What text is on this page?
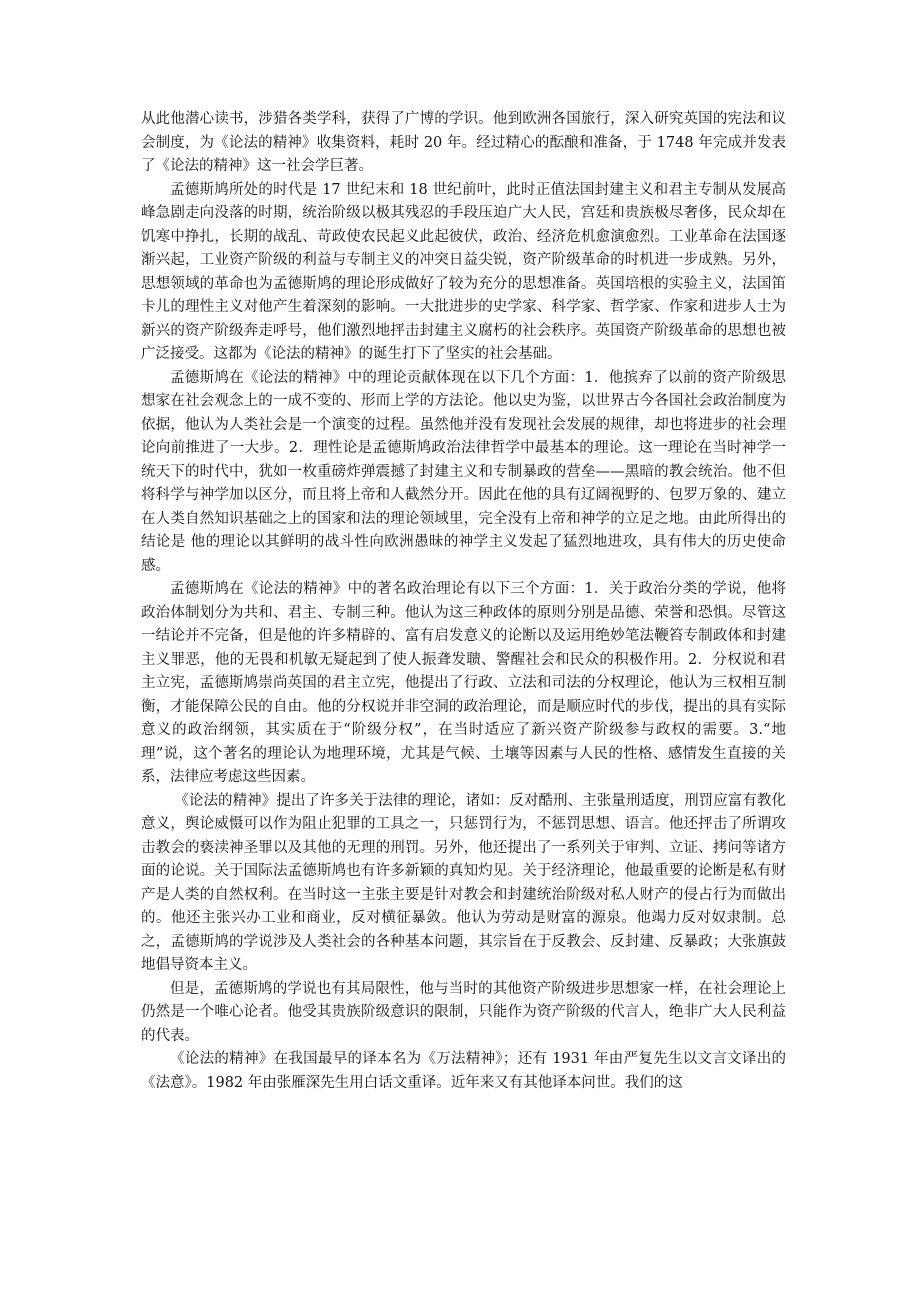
从此他潜心读书，涉猎各类学科，获得了广博的学识。他到欧洲各国旅行，深入研究英国的宪法和议会制度，为《论法的精神》收集资料，耗时 20 年。经过精心的酝酿和准备，于 1748 年完成并发表了《论法的精神》这一社会学巨著。

孟德斯鸠所处的时代是 17 世纪末和 18 世纪前叶，此时正值法国封建主义和君主专制从发展高峰急剧走向没落的时期，统治阶级以极其残忍的手段压迫广大人民，宫廷和贵族极尽奢侈，民众却在饥寒中挣扎，长期的战乱、苛政使农民起义此起彼伏，政治、经济危机愈演愈烈。工业革命在法国逐渐兴起，工业资产阶级的利益与专制主义的冲突日益尖锐，资产阶级革命的时机进一步成熟。另外，思想领域的革命也为孟德斯鸠的理论形成做好了较为充分的思想准备。英国培根的实验主义，法国笛卡儿的理性主义对他产生着深刻的影响。一大批进步的史学家、科学家、哲学家、作家和进步人士为新兴的资产阶级奔走呼号，他们激烈地抨击封建主义腐朽的社会秩序。英国资产阶级革命的思想也被广泛接受。这都为《论法的精神》的诞生打下了坚实的社会基础。

孟德斯鸠在《论法的精神》中的理论贡献体现在以下几个方面：1．他摈弃了以前的资产阶级思想家在社会观念上的一成不变的、形而上学的方法论。他以史为鉴，以世界古今各国社会政治制度为依据，他认为人类社会是一个演变的过程。虽然他并没有发现社会发展的规律，却也将进步的社会理论向前推进了一大步。2．理性论是孟德斯鸠政治法律哲学中最基本的理论。这一理论在当时神学一统天下的时代中，犹如一枚重磅炸弹震撼了封建主义和专制暴政的营垒——黑暗的教会统治。他不但将科学与神学加以区分，而且将上帝和人截然分开。因此在他的具有辽阔视野的、包罗万象的、建立在人类自然知识基础之上的国家和法的理论领域里，完全没有上帝和神学的立足之地。由此所得出的结论是 他的理论以其鲜明的战斗性向欧洲愚昧的神学主义发起了猛烈地进攻，具有伟大的历史使命感。

孟德斯鸠在《论法的精神》中的著名政治理论有以下三个方面：1．关于政治分类的学说，他将政治体制划分为共和、君主、专制三种。他认为这三种政体的原则分别是品德、荣誉和恐惧。尽管这一结论并不完备，但是他的许多精辟的、富有启发意义的论断以及运用绝妙笔法鞭笞专制政体和封建主义罪恶，他的无畏和机敏无疑起到了使人振聋发聩、警醒社会和民众的积极作用。2．分权说和君主立宪，孟德斯鸠崇尚英国的君主立宪，他提出了行政、立法和司法的分权理论，他认为三权相互制衡，才能保障公民的自由。他的分权说并非空洞的政治理论，而是顺应时代的步伐，提出的具有实际意义的政治纲领，其实质在于“阶级分权”，在当时适应了新兴资产阶级参与政权的需要。3.“地理”说，这个著名的理论认为地理环境，尤其是气候、土壤等因素与人民的性格、感情发生直接的关系，法律应考虑这些因素。

《论法的精神》提出了许多关于法律的理论，诸如：反对酷刑、主张量刑适度，刑罚应富有教化意义，舆论威慑可以作为阻止犯罪的工具之一，只惩罚行为，不惩罚思想、语言。他还抨击了所谓攻击教会的亵渎神圣罪以及其他的无理的刑罚。另外，他还提出了一系列关于审判、立证、拷问等诸方面的论说。关于国际法孟德斯鸠也有许多新颖的真知灼见。关于经济理论，他最重要的论断是私有财产是人类的自然权利。在当时这一主张主要是针对教会和封建统治阶级对私人财产的侵占行为而做出的。他还主张兴办工业和商业，反对横征暴敛。他认为劳动是财富的源泉。他竭力反对奴隶制。总之，孟德斯鸠的学说涉及人类社会的各种基本问题，其宗旨在于反教会、反封建、反暴政；大张旗鼓地倡导资本主义。

但是，孟德斯鸠的学说也有其局限性，他与当时的其他资产阶级进步思想家一样，在社会理论上仍然是一个唯心论者。他受其贵族阶级意识的限制，只能作为资产阶级的代言人，绝非广大人民利益的代表。

《论法的精神》在我国最早的译本名为《万法精神》；还有 1931 年由严复先生以文言文译出的《法意》。1982 年由张雁深先生用白话文重译。近年来又有其他译本问世。我们的这
